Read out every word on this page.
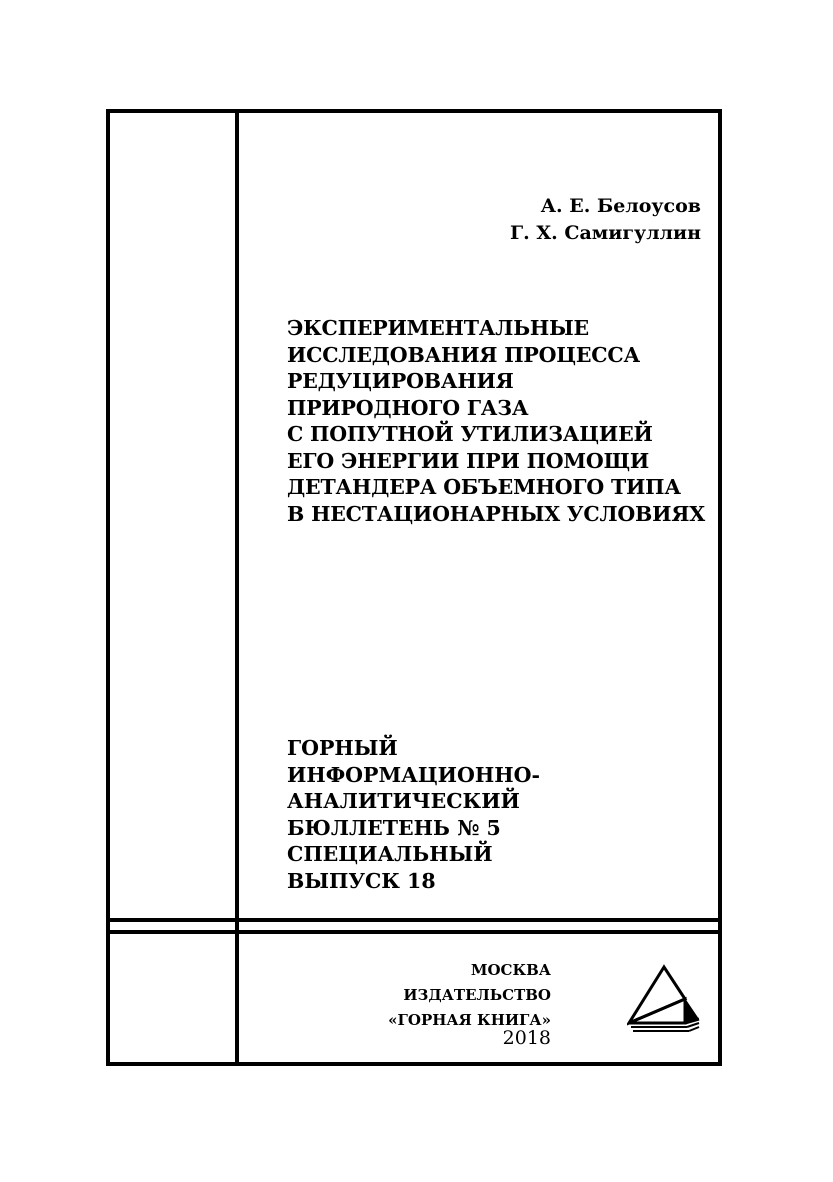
А. Е. Белоусов
Г. Х. Самигуллин
ЭКСПЕРИМЕНТАЛЬНЫЕ
ИССЛЕДОВАНИЯ ПРОЦЕССА
РЕДУЦИРОВАНИЯ
ПРИРОДНОГО ГАЗА
С ПОПУТНОЙ УТИЛИЗАЦИЕЙ
ЕГО ЭНЕРГИИ ПРИ ПОМОЩИ
ДЕТАНДЕРА ОБЪЕМНОГО ТИПА
В НЕСТАЦИОНАРНЫХ УСЛОВИЯХ
ГОРНЫЙ
ИНФОРМАЦИОННО-
АНАЛИТИЧЕСКИЙ
БЮЛЛЕТЕНЬ № 5
СПЕЦИАЛЬНЫЙ
ВЫПУСК 18
МОСКВА
ИЗДАТЕЛЬСТВО
«ГОРНАЯ КНИГА»
2018
